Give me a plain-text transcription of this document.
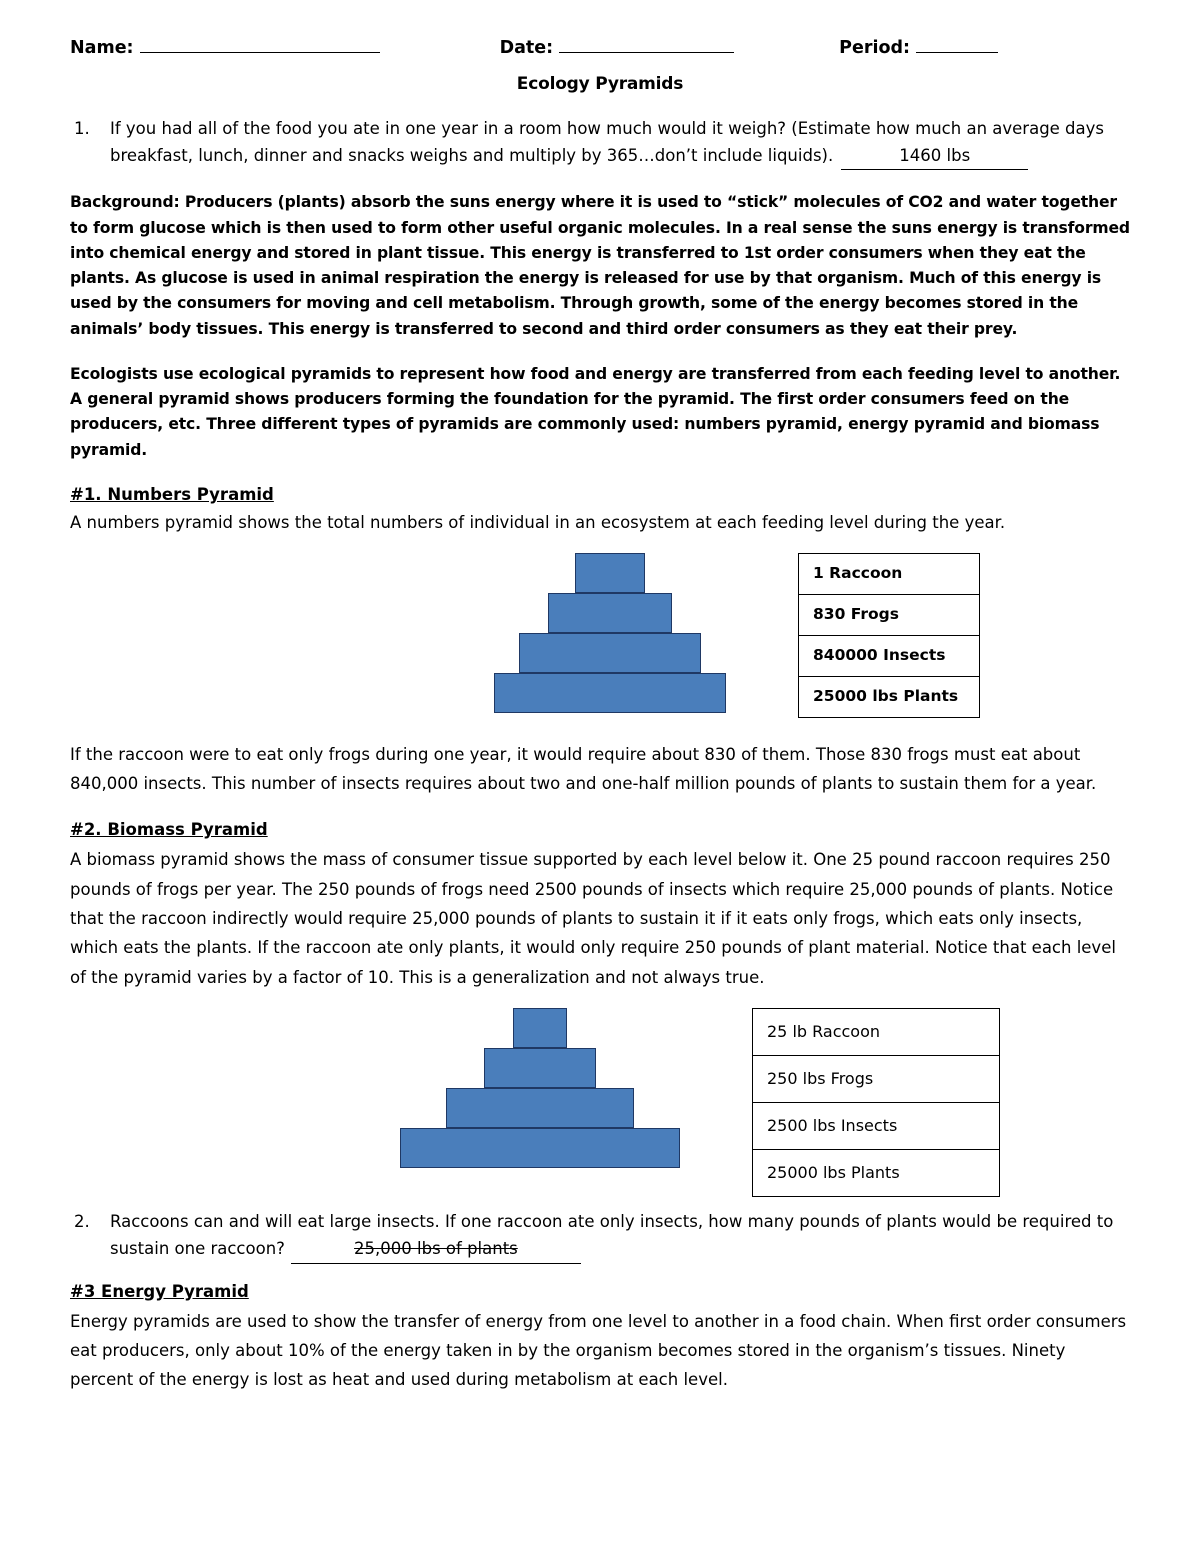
Name:	Date:	Period:
Ecology Pyramids
1.	If you had all of the food you ate in one year in a room how much would it weigh? (Estimate how much an average days breakfast, lunch, dinner and snacks weighs and multiply by 365…don’t include liquids).	1460 lbs
Background: Producers (plants) absorb the suns energy where it is used to “stick” molecules of CO2 and water together to form glucose which is then used to form other useful organic molecules. In a real sense the suns energy is transformed into chemical energy and stored in plant tissue. This energy is transferred to 1st order consumers when they eat the plants. As glucose is used in animal respiration the energy is released for use by that organism. Much of this energy is used by the consumers for moving and cell metabolism. Through growth, some of the energy becomes stored in the animals’ body tissues. This energy is transferred to second and third order consumers as they eat their prey.
Ecologists use ecological pyramids to represent how food and energy are transferred from each feeding level to another. A general pyramid shows producers forming the foundation for the pyramid. The first order consumers feed on the producers, etc. Three different types of pyramids are commonly used: numbers pyramid, energy pyramid and biomass pyramid.
#1. Numbers Pyramid
A numbers pyramid shows the total numbers of individual in an ecosystem at each feeding level during the year.
1 Raccoon
830 Frogs
840000 Insects
25000 lbs Plants
If the raccoon were to eat only frogs during one year, it would require about 830 of them. Those 830 frogs must eat about 840,000 insects. This number of insects requires about two and one-half million pounds of plants to sustain them for a year.
#2. Biomass Pyramid
A biomass pyramid shows the mass of consumer tissue supported by each level below it. One 25 pound raccoon requires 250 pounds of frogs per year. The 250 pounds of frogs need 2500 pounds of insects which require 25,000 pounds of plants. Notice that the raccoon indirectly would require 25,000 pounds of plants to sustain it if it eats only frogs, which eats only insects, which eats the plants. If the raccoon ate only plants, it would only require 250 pounds of plant material. Notice that each level of the pyramid varies by a factor of 10. This is a generalization and not always true.
25 lb Raccoon
250 lbs Frogs
2500 lbs Insects
25000 lbs Plants
2.	Raccoons can and will eat large insects. If one raccoon ate only insects, how many pounds of plants would be required to sustain one raccoon?	25,000 lbs of plants
#3 Energy Pyramid
Energy pyramids are used to show the transfer of energy from one level to another in a food chain. When first order consumers eat producers, only about 10% of the energy taken in by the organism becomes stored in the organism’s tissues. Ninety percent of the energy is lost as heat and used during metabolism at each level.
